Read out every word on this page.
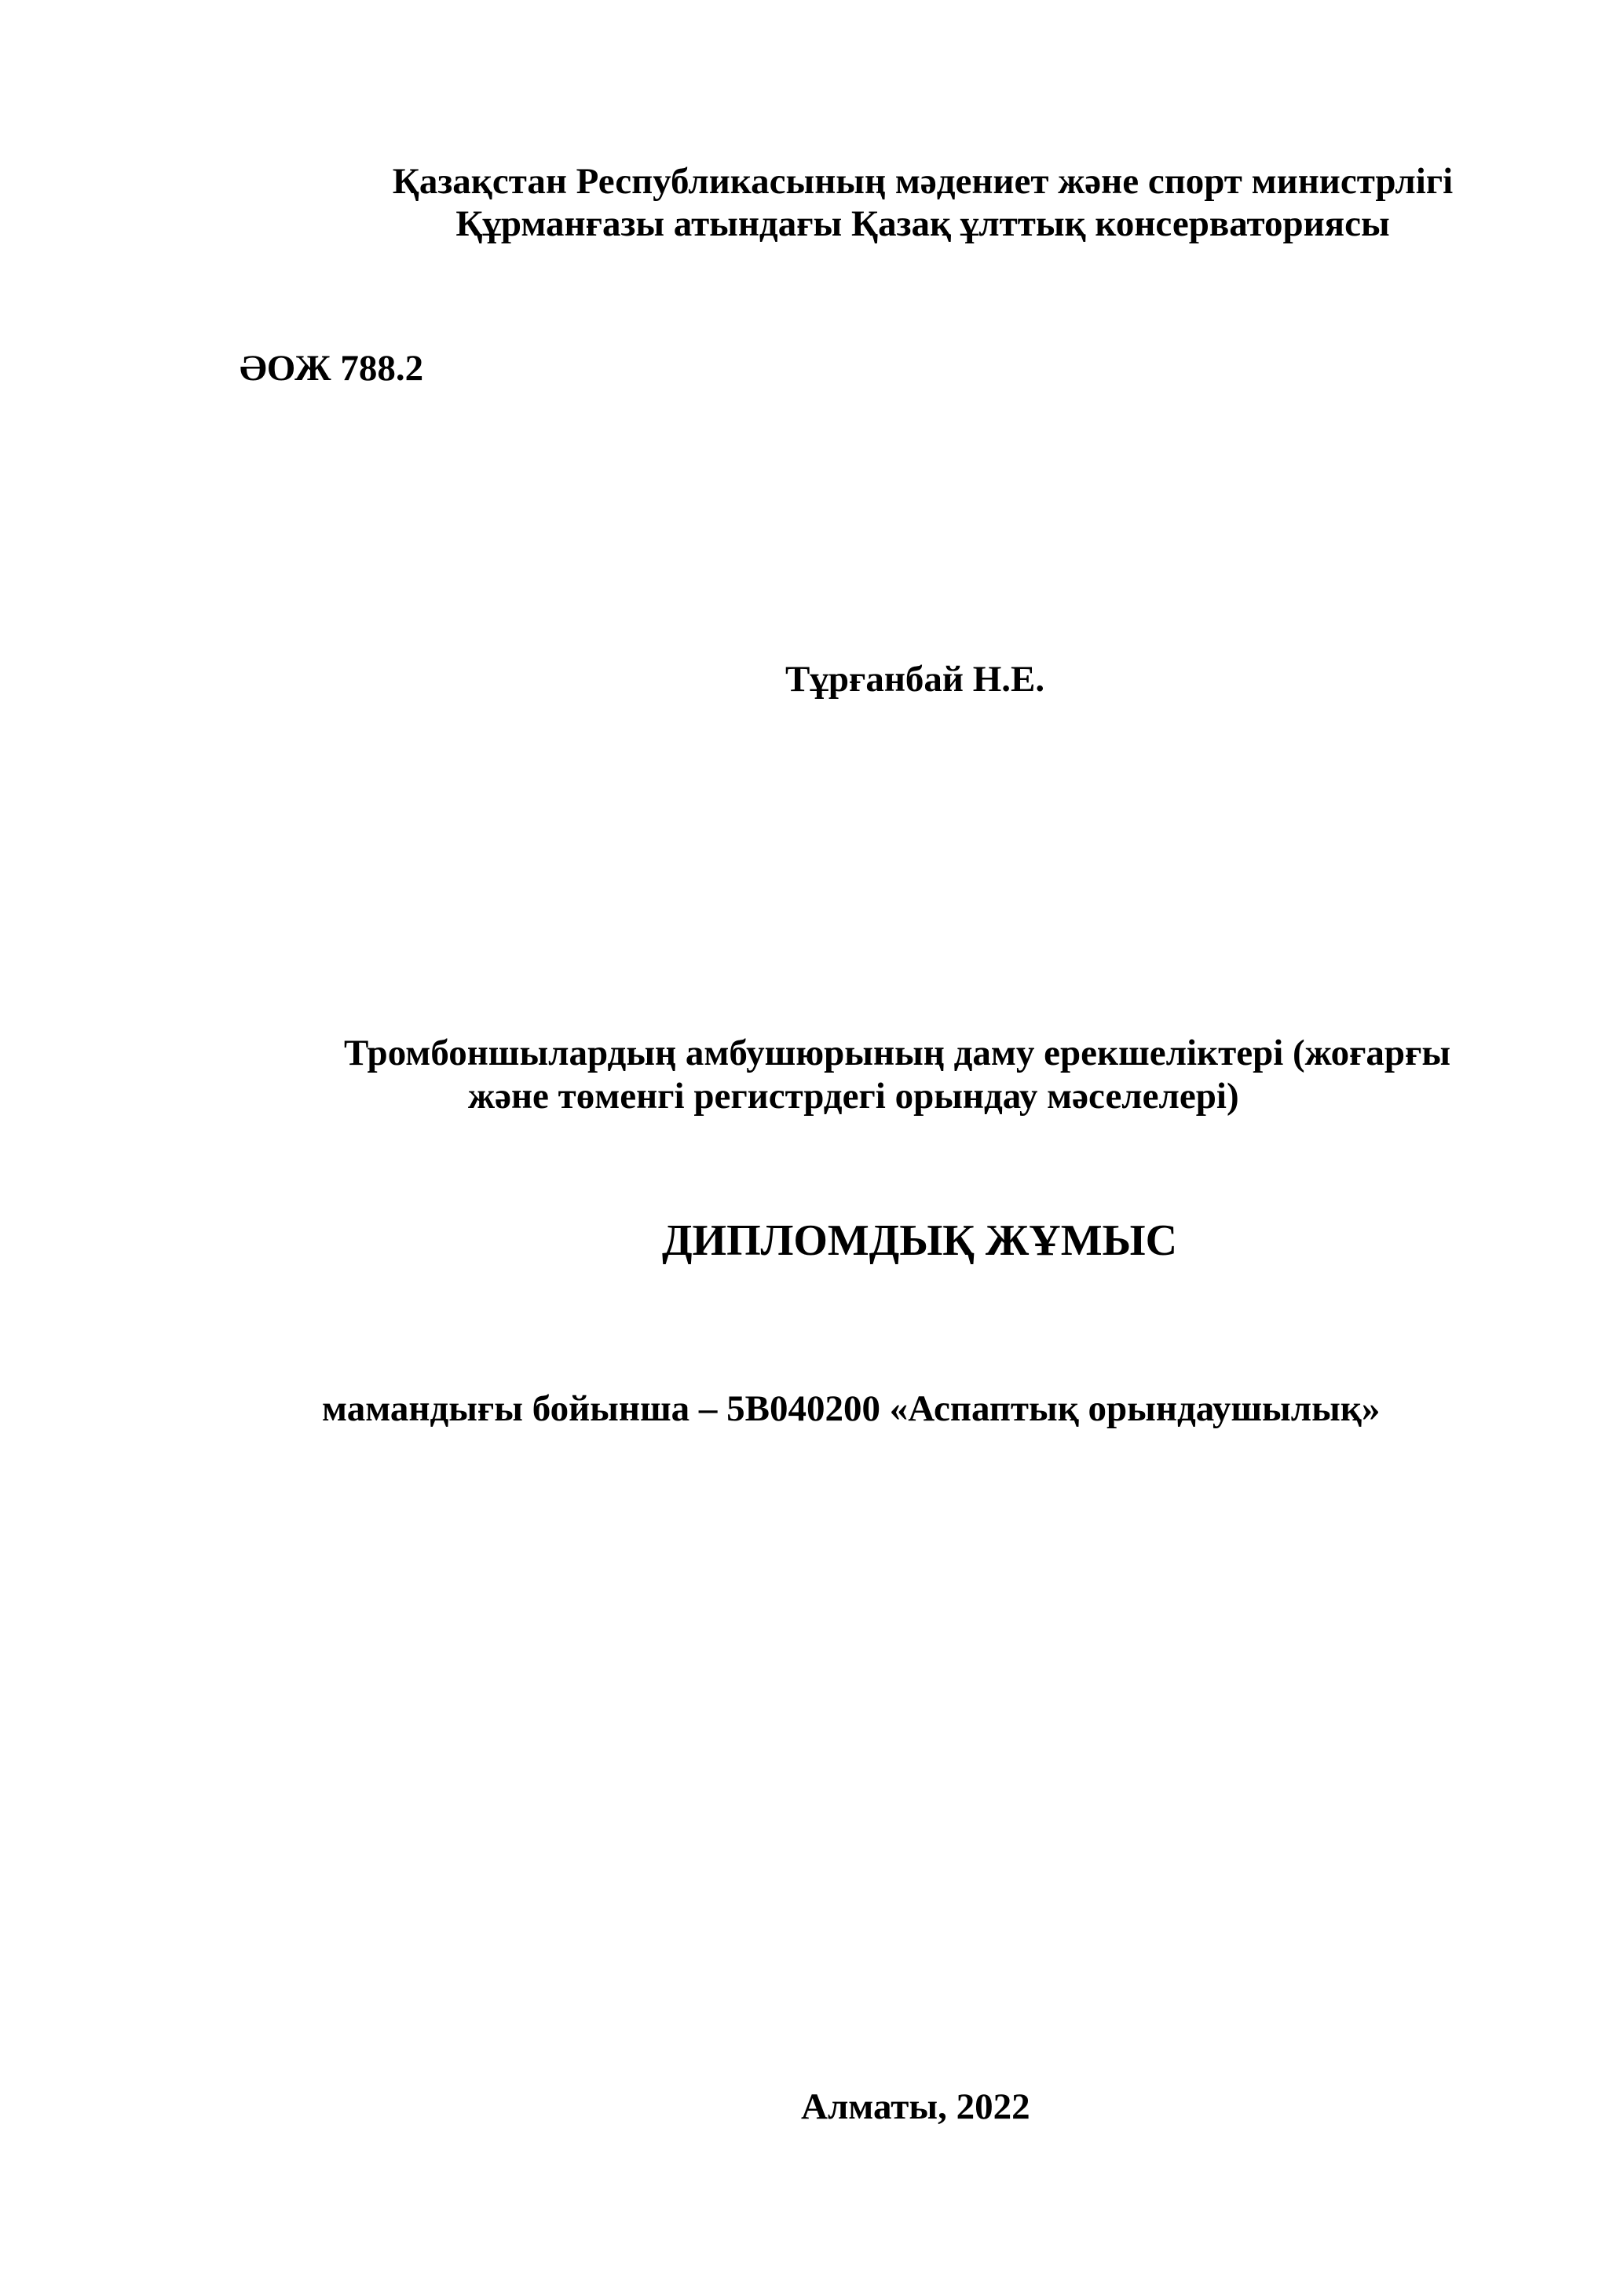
Қазақстан Республикасының мәдениет және спорт министрлігі
Құрманғазы атындағы Қазақ ұлттық консерваториясы
ӘОЖ 788.2
Тұрғанбай Н.Е.
Тромбоншылардың амбушюрының даму ерекшеліктері (жоғарғы
және төменгі регистрдегі орындау мәселелері)
ДИПЛОМДЫҚ ЖҰМЫС
мамандығы бойынша – 5В040200 «Аспаптық орындаушылық»
Алматы, 2022
